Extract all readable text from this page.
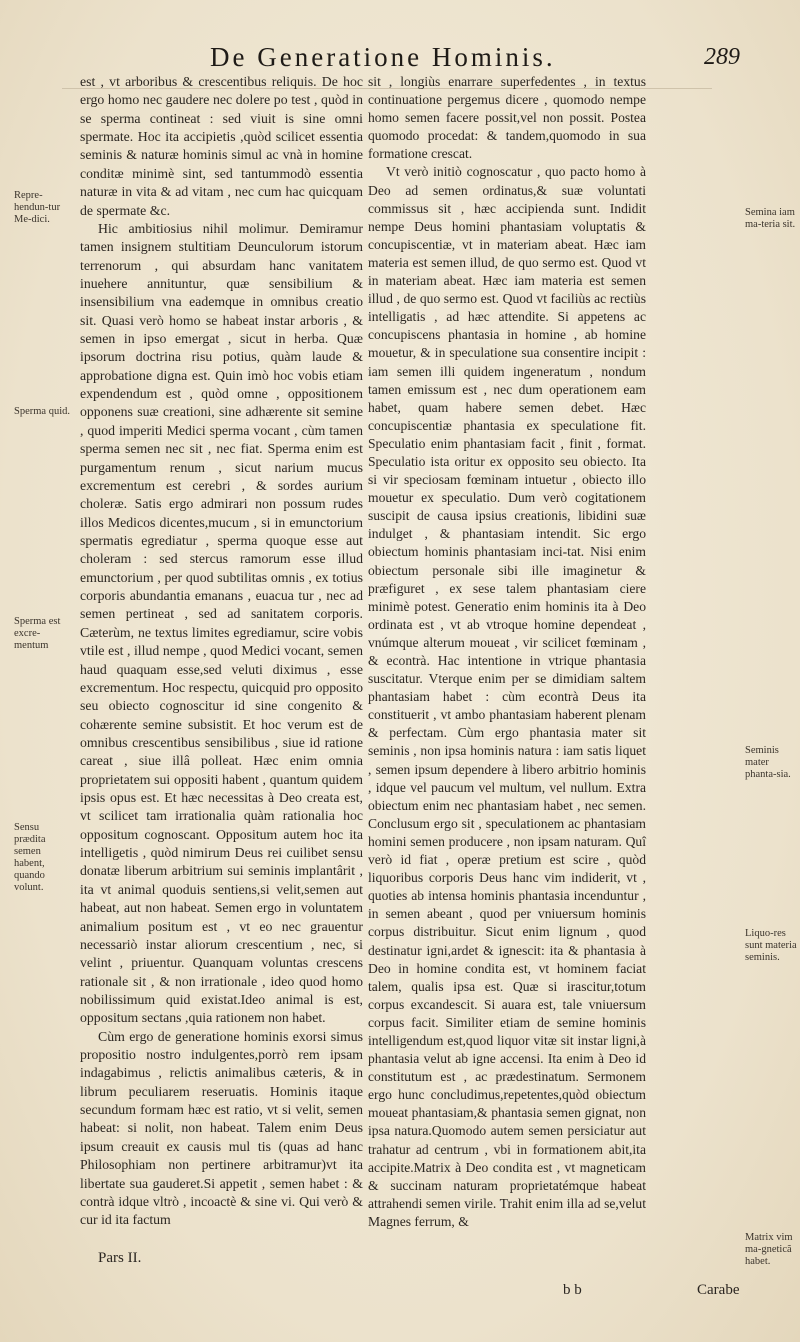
De Generatione Hominis.	289
Repre-hendun-tur Me-dici.
Sperma quid.
Sperma est excre-mentum
Sensu prædita semen habent, quando volunt.
Semina iam ma-teria sit.
Seminis mater phanta-sia.
Liquo-res sunt materia seminis.
Matrix vim ma-gneticã habet.

est , vt arboribus & crescentibus reliquis. De hoc ergo homo nec gaudere nec dolere po test , quòd in se sperma contineat : sed viuit is sine omni spermate. Hoc ita accipietis ,quòd scilicet essentia seminis & naturæ hominis simul ac vnà in homine conditæ minimè sint, sed tantummodò essentia naturæ in vita & ad vitam , nec cum hac quicquam de spermate &c.

Hic ambitiosius nihil molimur. Demiramur tamen insignem stultitiam Deunculorum istorum terrenorum , qui absurdam hanc vanitatem inuehere annituntur, quæ sensibilium & insensibilium vna eademque in omnibus creatio sit. Quasi verò homo se habeat instar arboris , & semen in ipso emergat , sicut in herba. Quæ ipsorum doctrina risu potius, quàm laude & approbatione digna est. Quin imò hoc vobis etiam expendendum est , quòd omne , oppositionem opponens suæ creationi, sine adhærente sit semine , quod imperiti Medici sperma vocant , cùm tamen sperma semen nec sit , nec fiat. Sperma enim est purgamentum renum , sicut narium mucus excrementum est cerebri , & sordes aurium choleræ. Satis ergo admirari non possum rudes illos Medicos dicentes,mucum , si in emunctorium spermatis egrediatur , sperma quoque esse aut choleram : sed stercus ramorum esse illud emunctorium , per quod subtilitas omnis , ex totius corporis abundantia emanans , euacua tur , nec ad semen pertineat , sed ad sanitatem corporis. Cæterùm, ne textus limites egrediamur, scire vobis vtile est , illud nempe , quod Medici vocant, semen haud quaquam esse,sed veluti diximus , esse excrementum. Hoc respectu, quicquid pro opposito seu obiecto cognoscitur id sine congenito & cohærente semine subsistit. Et hoc verum est de omnibus crescentibus sensibilibus , siue id ratione careat , siue illâ polleat. Hæc enim omnia proprietatem sui oppositi habent , quantum quidem ipsis opus est. Et hæc necessitas à Deo creata est, vt scilicet tam irrationalia quàm rationalia hoc oppositum cognoscant. Oppositum autem hoc ita intelligetis , quòd nimirum Deus rei cuilibet sensu donatæ liberum arbitrium sui seminis implantârit , ita vt animal quoduis sentiens,si velit,semen aut habeat, aut non habeat. Semen ergo in voluntatem animalium positum est , vt eo nec grauentur necessariò instar aliorum crescentium , nec, si velint , priuentur. Quanquam voluntas crescens rationale sit , & non irrationale , ideo quod homo nobilissimum quid existat.Ideo animal is est, oppositum sectans ,quia rationem non habet.

Cùm ergo de generatione hominis exorsi simus propositio nostro indulgentes,porrò rem ipsam indagabimus , relictis animalibus cæteris, & in librum peculiarem reseruatis. Hominis itaque secundum formam hæc est ratio, vt si velit, semen habeat: si nolit, non habeat. Talem enim Deus ipsum creauit ex causis mul tis (quas ad hanc Philosophiam non pertinere arbitramur)vt ita libertate sua gauderet.Si appetit , semen habet : & contrà idque vltrò , incoactè & sine vi. Qui verò & cur id ita factum

sit , longiùs enarrare superfedentes , in textus continuatione pergemus dicere , quomodo nempe homo semen facere possit,vel non possit. Postea quomodo procedat: & tandem,quomodo in sua formatione crescat.

Vt verò initiò cognoscatur , quo pacto homo à Deo ad semen ordinatus,& suæ voluntati commissus sit , hæc accipienda sunt. Indidit nempe Deus homini phantasiam voluptatis & concupiscentiæ, vt in materiam abeat. Hæc iam materia est semen illud, de quo sermo est. Quod vt in materiam abeat. Hæc iam materia est semen illud , de quo sermo est. Quod vt faciliùs ac rectiùs intelligatis , ad hæc attendite. Si appetens ac concupiscens phantasia in homine , ab homine mouetur, & in speculatione sua consentire incipit : iam semen illi quidem ingeneratum , nondum tamen emissum est , nec dum operationem eam habet, quam habere semen debet. Hæc concupiscentiæ phantasia ex speculatione fit. Speculatio enim phantasiam facit , finit , format. Speculatio ista oritur ex opposito seu obiecto. Ita si vir speciosam fœminam intuetur , obiecto illo mouetur ex speculatio. Dum verò cogitationem suscipit de causa ipsius creationis, libidini suæ indulget , & phantasiam intendit. Sic ergo obiectum hominis phantasiam inci-tat. Nisi enim obiectum personale sibi ille imaginetur & præfiguret , ex sese talem phantasiam ciere minimè potest. Generatio enim hominis ita à Deo ordinata est , vt ab vtroque homine dependeat , vnúmque alterum moueat , vir scilicet fœminam , & econtrà. Hac intentione in vtrique phantasia suscitatur. Vterque enim per se dimidiam saltem phantasiam habet : cùm econtrà Deus ita constituerit , vt ambo phantasiam haberent plenam & perfectam. Cùm ergo phantasia mater sit seminis , non ipsa hominis natura : iam satis liquet , semen ipsum dependere à libero arbitrio hominis , idque vel paucum vel multum, vel nullum. Extra obiectum enim nec phantasiam habet , nec semen. Conclusum ergo sit , speculationem ac phantasiam homini semen producere , non ipsam naturam. Quî verò id fiat , operæ pretium est scire , quòd liquoribus corporis Deus hanc vim indiderit, vt , quoties ab intensa hominis phantasia incenduntur , in semen abeant , quod per vniuersum hominis corpus distribuitur. Sicut enim lignum , quod destinatur igni,ardet & ignescit: ita & phantasia à Deo in homine condita est, vt hominem faciat talem, qualis ipsa est. Quæ si irascitur,totum corpus excandescit. Si auara est, tale vniuersum corpus facit. Similiter etiam de semine hominis intelligendum est,quod liquor vitæ sit instar ligni,à phantasia velut ab igne accensi. Ita enim à Deo id constitutum est , ac prædestinatum. Sermonem ergo hunc concludimus,repetentes,quòd obiectum moueat phantasiam,& phantasia semen gignat, non ipsa natura.Quomodo autem semen persiciatur aut trahatur ad centrum , vbi in formationem abit,ita accipite.Matrix à Deo condita est , vt magneticam & succinam naturam proprietatémque habeat attrahendi semen virile. Trahit enim illa ad se,velut Magnes ferrum, &

Pars II.
b b	Carabe
